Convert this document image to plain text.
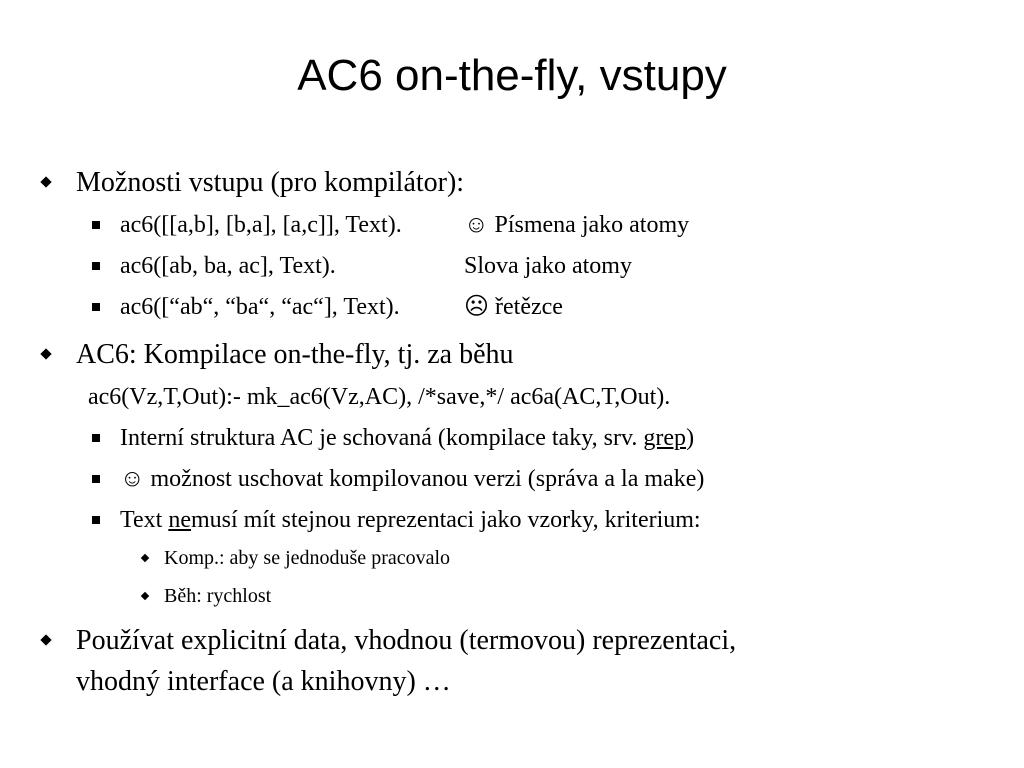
AC6 on-the-fly, vstupy
Možnosti vstupu (pro kompilátor):
ac6([[a,b], [b,a], [a,c]], Text).	☺ Písmena jako atomy
ac6([ab, ba, ac], Text).	Slova jako atomy
ac6([“ab“, “ba“, “ac“], Text).	☹ řetězce
AC6: Kompilace on-the-fly, tj. za běhu
ac6(Vz,T,Out):- mk_ac6(Vz,AC), /*save,*/ ac6a(AC,T,Out).
Interní struktura AC je schovaná (kompilace taky, srv. grep)
☺ možnost uschovat kompilovanou verzi (správa a la make)
Text nemusí mít stejnou reprezentaci jako vzorky, kriterium:
Komp.: aby se jednoduše pracovalo
Běh: rychlost
Používat explicitní data, vhodnou (termovou) reprezentaci,
vhodný interface (a knihovny) …
